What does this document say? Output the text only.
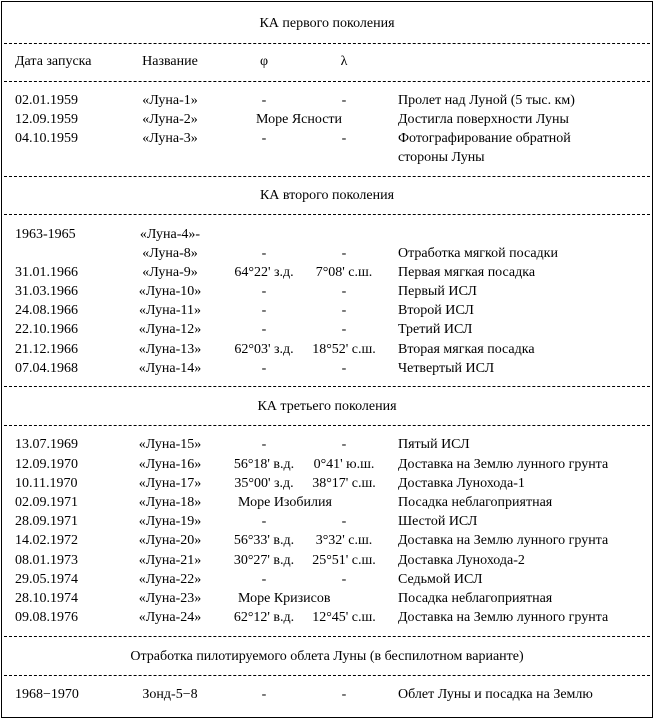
КА первого поколения
Дата запуска	Название	φ	λ
02.01.1959	«Луна-1»	-	-	Пролет над Луной (5 тыс. км)
12.09.1959	«Луна-2»	Море Ясности	Достигла поверхности Луны
04.10.1959	«Луна-3»	-	-	Фотографирование обратной
стороны Луны
КА второго поколения
1963-1965	«Луна-4»-
«Луна-8»	-	-	Отработка мягкой посадки
31.01.1966	«Луна-9»	64°22' з.д.	7°08' с.ш.	Первая мягкая посадка
31.03.1966	«Луна-10»	-	-	Первый ИСЛ
24.08.1966	«Луна-11»	-	-	Второй ИСЛ
22.10.1966	«Луна-12»	-	-	Третий ИСЛ
21.12.1966	«Луна-13»	62°03' з.д.	18°52' с.ш.	Вторая мягкая посадка
07.04.1968	«Луна-14»	-	-	Четвертый ИСЛ
КА третьего поколения
13.07.1969	«Луна-15»	-	-	Пятый ИСЛ
12.09.1970	«Луна-16»	56°18' в.д.	0°41' ю.ш.	Доставка на Землю лунного грунта
10.11.1970	«Луна-17»	35°00' з.д.	38°17' с.ш.	Доставка Лунохода-1
02.09.1971	«Луна-18»	Море Изобилия	Посадка неблагоприятная
28.09.1971	«Луна-19»	-	-	Шестой ИСЛ
14.02.1972	«Луна-20»	56°33' в.д.	3°32' с.ш.	Доставка на Землю лунного грунта
08.01.1973	«Луна-21»	30°27' в.д.	25°51' с.ш.	Доставка Лунохода-2
29.05.1974	«Луна-22»	-	-	Седьмой ИСЛ
28.10.1974	«Луна-23»	Море Кризисов	Посадка неблагоприятная
09.08.1976	«Луна-24»	62°12' в.д.	12°45' с.ш.	Доставка на Землю лунного грунта
Отработка пилотируемого облета Луны (в беспилотном варианте)
1968−1970	Зонд-5−8	-	-	Облет Луны и посадка на Землю
